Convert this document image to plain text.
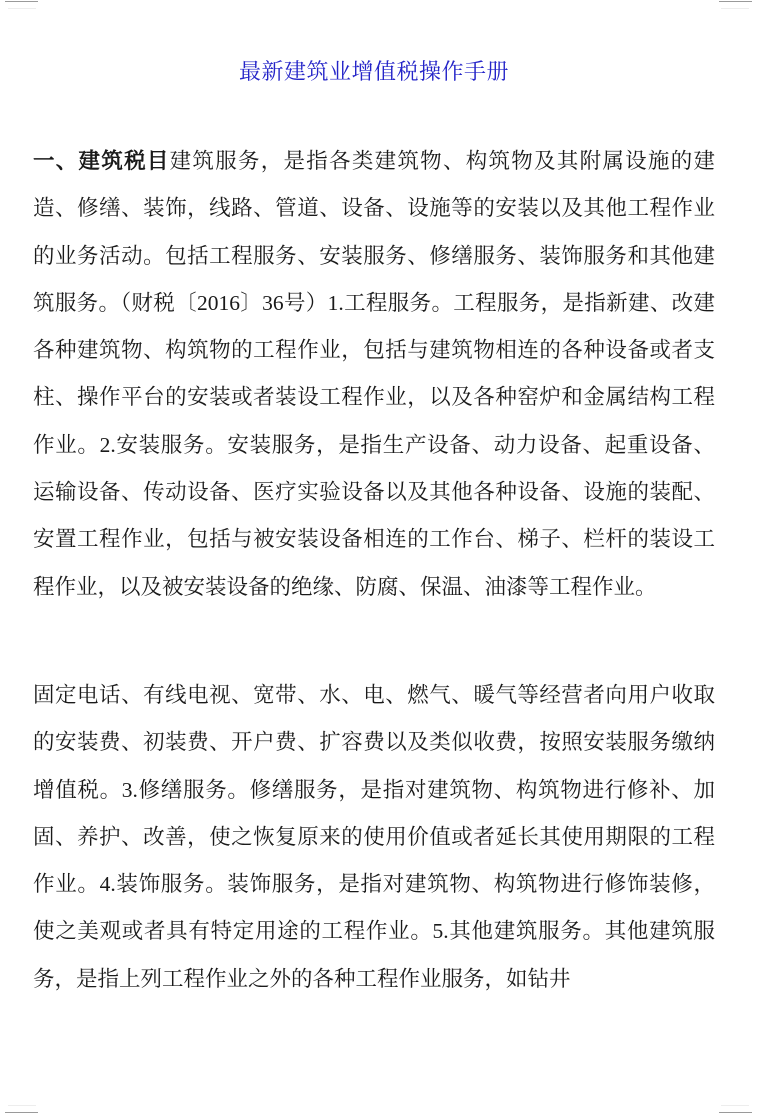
最新建筑业增值税操作手册

一、建筑税目建筑服务，是指各类建筑物、构筑物及其附属设施的建造、修缮、装饰，线路、管道、设备、设施等的安装以及其他工程作业的业务活动。包括工程服务、安装服务、修缮服务、装饰服务和其他建筑服务。（财税〔2016〕36号）1.工程服务。工程服务，是指新建、改建各种建筑物、构筑物的工程作业，包括与建筑物相连的各种设备或者支柱、操作平台的安装或者装设工程作业，以及各种窑炉和金属结构工程作业。2.安装服务。安装服务，是指生产设备、动力设备、起重设备、运输设备、传动设备、医疗实验设备以及其他各种设备、设施的装配、安置工程作业，包括与被安装设备相连的工作台、梯子、栏杆的装设工程作业，以及被安装设备的绝缘、防腐、保温、油漆等工程作业。

固定电话、有线电视、宽带、水、电、燃气、暖气等经营者向用户收取的安装费、初装费、开户费、扩容费以及类似收费，按照安装服务缴纳增值税。3.修缮服务。修缮服务，是指对建筑物、构筑物进行修补、加固、养护、改善，使之恢复原来的使用价值或者延长其使用期限的工程作业。4.装饰服务。装饰服务，是指对建筑物、构筑物进行修饰装修，使之美观或者具有特定用途的工程作业。5.其他建筑服务。其他建筑服务，是指上列工程作业之外的各种工程作业服务，如钻井
